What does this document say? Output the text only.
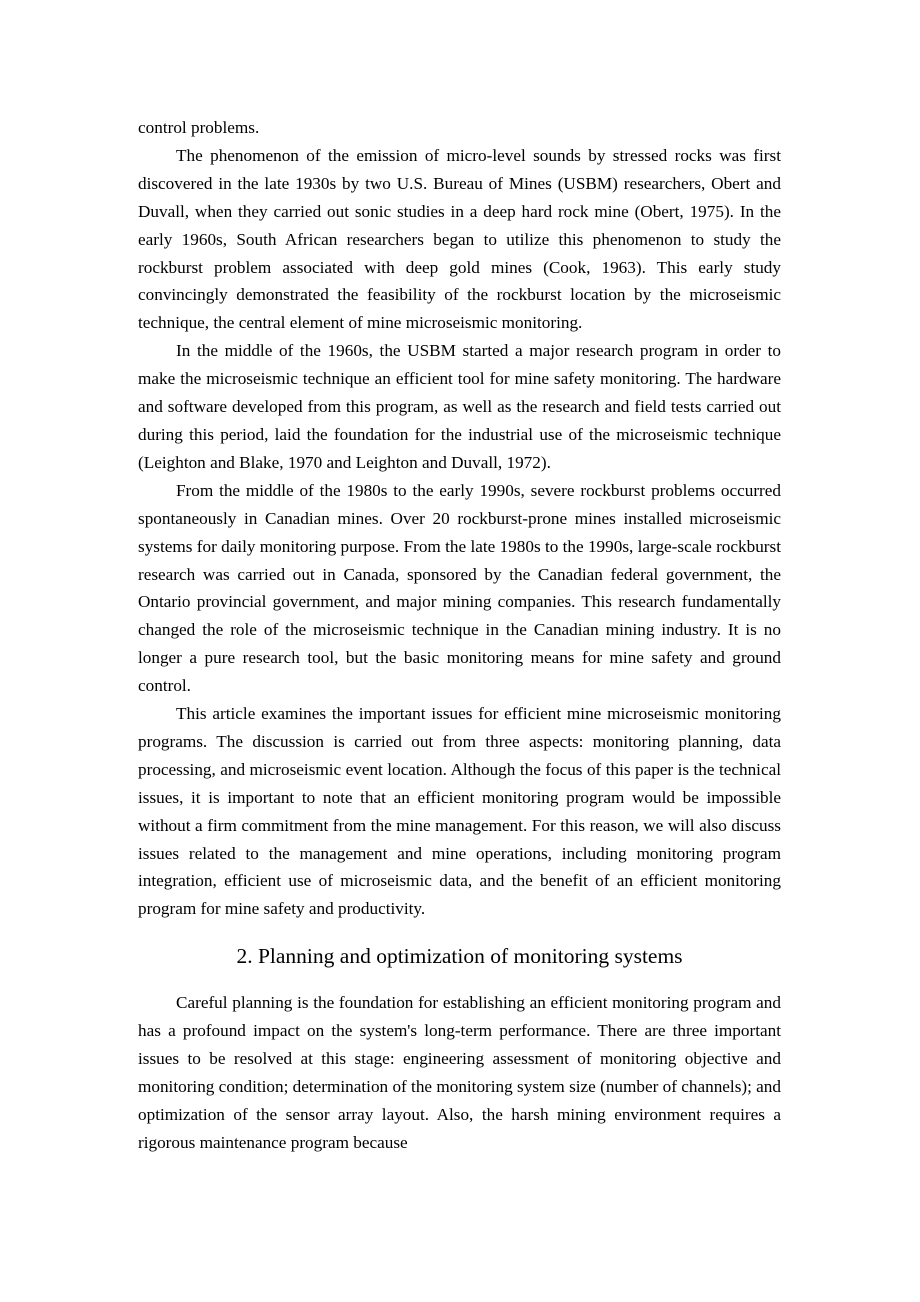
control problems.

The phenomenon of the emission of micro-level sounds by stressed rocks was first discovered in the late 1930s by two U.S. Bureau of Mines (USBM) researchers, Obert and Duvall, when they carried out sonic studies in a deep hard rock mine (Obert, 1975). In the early 1960s, South African researchers began to utilize this phenomenon to study the rockburst problem associated with deep gold mines (Cook, 1963). This early study convincingly demonstrated the feasibility of the rockburst location by the microseismic technique, the central element of mine microseismic monitoring.

In the middle of the 1960s, the USBM started a major research program in order to make the microseismic technique an efficient tool for mine safety monitoring. The hardware and software developed from this program, as well as the research and field tests carried out during this period, laid the foundation for the industrial use of the microseismic technique (Leighton and Blake, 1970 and Leighton and Duvall, 1972).

From the middle of the 1980s to the early 1990s, severe rockburst problems occurred spontaneously in Canadian mines. Over 20 rockburst-prone mines installed microseismic systems for daily monitoring purpose. From the late 1980s to the 1990s, large-scale rockburst research was carried out in Canada, sponsored by the Canadian federal government, the Ontario provincial government, and major mining companies. This research fundamentally changed the role of the microseismic technique in the Canadian mining industry. It is no longer a pure research tool, but the basic monitoring means for mine safety and ground control.

This article examines the important issues for efficient mine microseismic monitoring programs. The discussion is carried out from three aspects: monitoring planning, data processing, and microseismic event location. Although the focus of this paper is the technical issues, it is important to note that an efficient monitoring program would be impossible without a firm commitment from the mine management. For this reason, we will also discuss issues related to the management and mine operations, including monitoring program integration, efficient use of microseismic data, and the benefit of an efficient monitoring program for mine safety and productivity.

2. Planning and optimization of monitoring systems

Careful planning is the foundation for establishing an efficient monitoring program and has a profound impact on the system's long-term performance. There are three important issues to be resolved at this stage: engineering assessment of monitoring objective and monitoring condition; determination of the monitoring system size (number of channels); and optimization of the sensor array layout. Also, the harsh mining environment requires a rigorous maintenance program because
